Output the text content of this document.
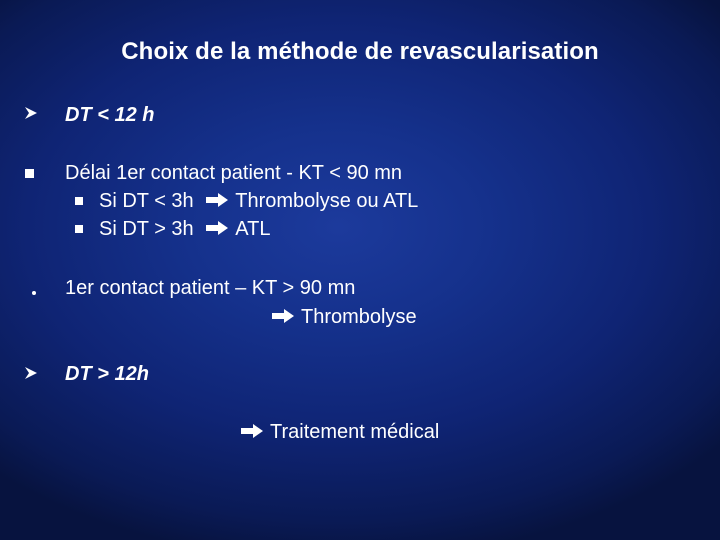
Choix de la méthode de revascularisation
DT < 12 h
Délai 1er contact patient - KT < 90 mn
Si DT < 3h Thrombolyse ou ATL
Si DT > 3h ATL
1er contact patient – KT > 90 mn
Thrombolyse
DT > 12h
Traitement médical
